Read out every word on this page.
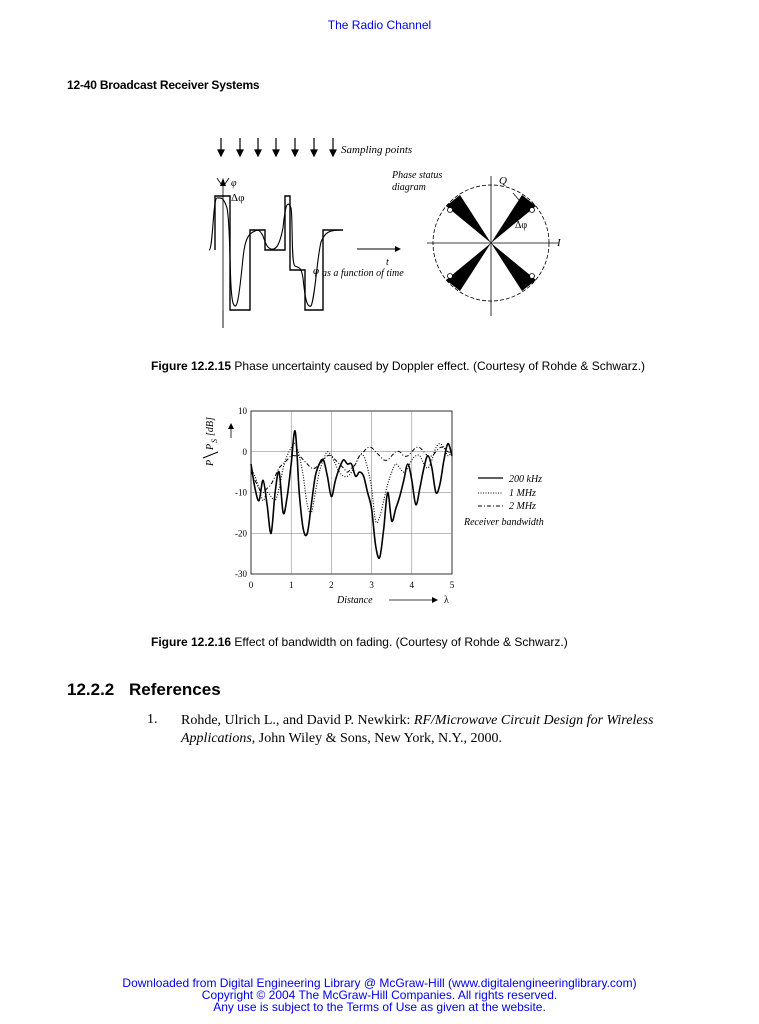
The Radio Channel
12-40 Broadcast Receiver Systems
Sampling points
φ
Δφ
t
φ as a function of time
Phase status
diagram
Q
I
Δφ
Figure 12.2.15 Phase uncertainty caused by Doppler effect. (Courtesy of Rohde & Schwarz.)
0	1	2	3	4	5
10
0
-10
-20
-30
P
P
S
[dB]
Distance	λ
200 kHz
1 MHz
2 MHz
Receiver bandwidth
Figure 12.2.16 Effect of bandwidth on fading. (Courtesy of Rohde & Schwarz.)
12.2.2 References
1. Rohde, Ulrich L., and David P. Newkirk: RF/Microwave Circuit Design for Wireless Applications, John Wiley & Sons, New York, N.Y., 2000.
Downloaded from Digital Engineering Library @ McGraw-Hill (www.digitalengineeringlibrary.com)
Copyright © 2004 The McGraw-Hill Companies. All rights reserved.
Any use is subject to the Terms of Use as given at the website.
